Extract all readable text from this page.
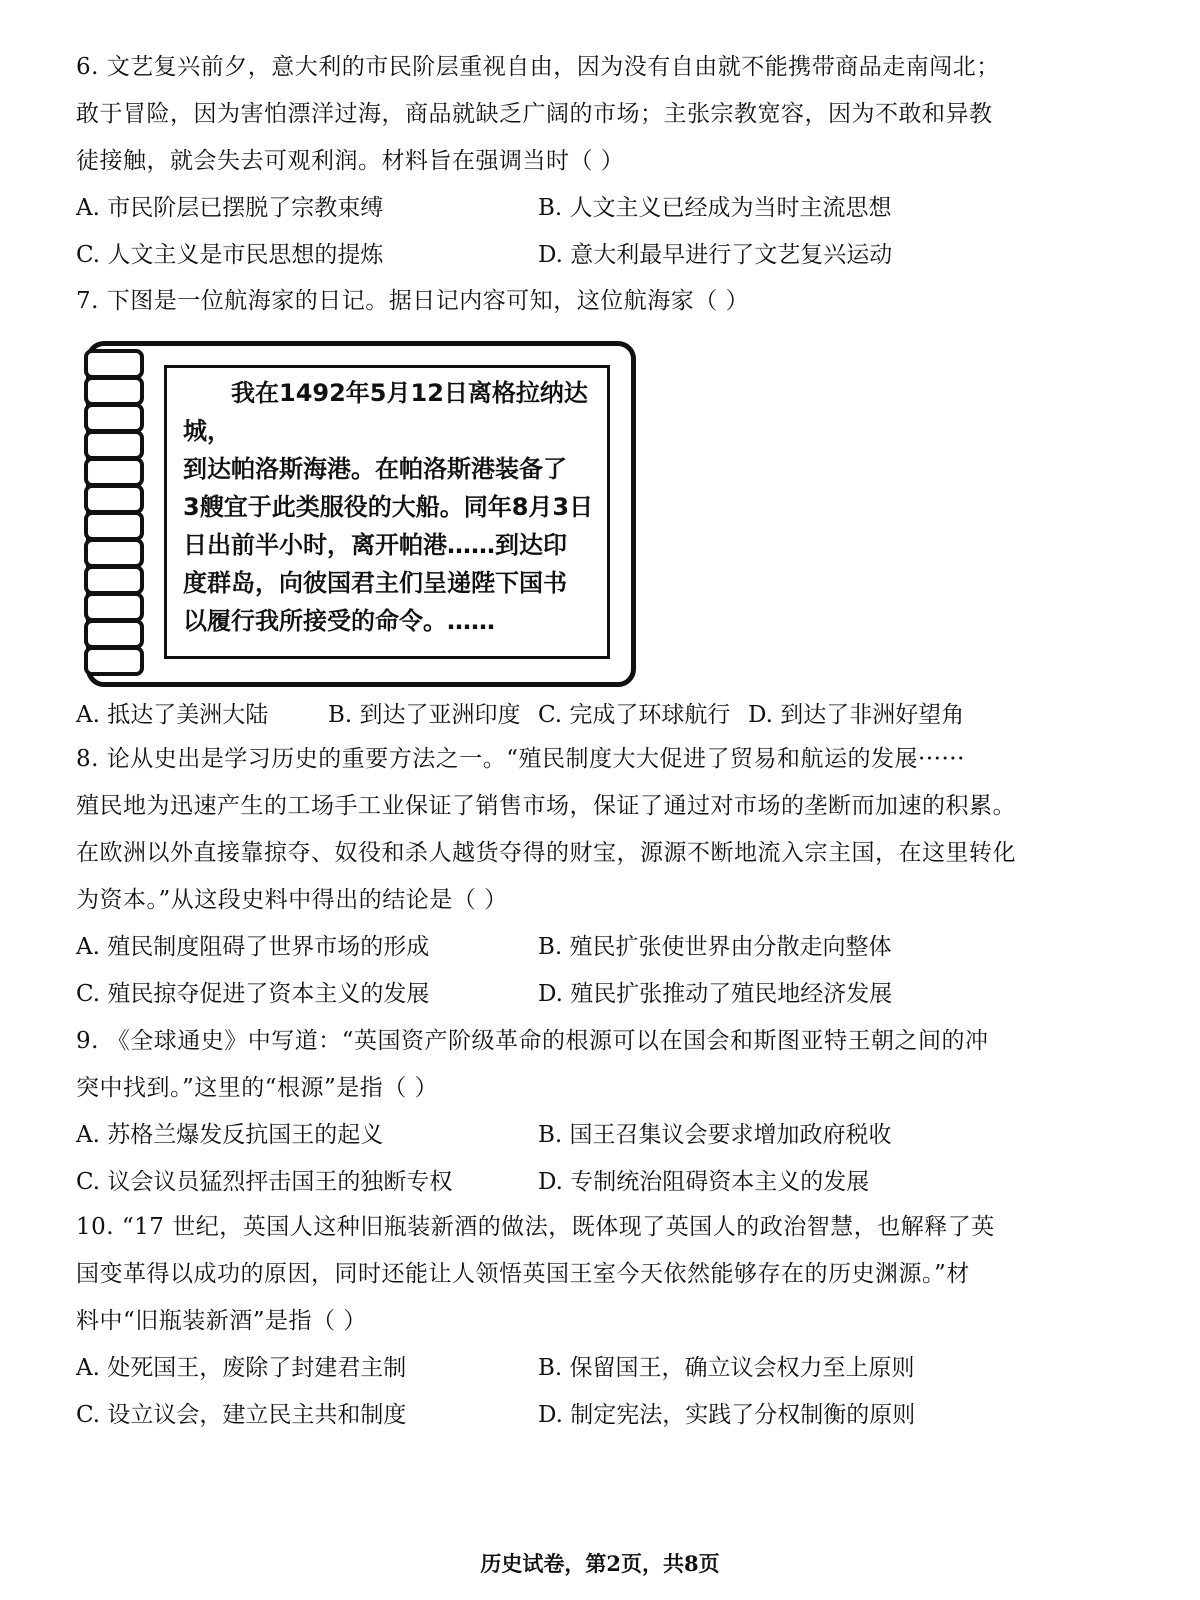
6. 文艺复兴前夕，意大利的市民阶层重视自由，因为没有自由就不能携带商品走南闯北；
敢于冒险，因为害怕漂洋过海，商品就缺乏广阔的市场；主张宗教宽容，因为不敢和异教
徒接触，就会失去可观利润。材料旨在强调当时（ ）
A. 市民阶层已摆脱了宗教束缚	B. 人文主义已经成为当时主流思想
C. 人文主义是市民思想的提炼	D. 意大利最早进行了文艺复兴运动
7. 下图是一位航海家的日记。据日记内容可知，这位航海家（ ）
我在1492年5月12日离格拉纳达城，
到达帕洛斯海港。在帕洛斯港装备了
3艘宜于此类服役的大船。同年8月3日
日出前半小时，离开帕港……到达印
度群岛，向彼国君主们呈递陛下国书
以履行我所接受的命令。……
A. 抵达了美洲大陆	B. 到达了亚洲印度 C. 完成了环球航行 D. 到达了非洲好望角
8. 论从史出是学习历史的重要方法之一。“殖民制度大大促进了贸易和航运的发展······
殖民地为迅速产生的工场手工业保证了销售市场，保证了通过对市场的垄断而加速的积累。
在欧洲以外直接靠掠夺、奴役和杀人越货夺得的财宝，源源不断地流入宗主国，在这里转化
为资本。”从这段史料中得出的结论是（ ）
A. 殖民制度阻碍了世界市场的形成	B. 殖民扩张使世界由分散走向整体
C. 殖民掠夺促进了资本主义的发展	D. 殖民扩张推动了殖民地经济发展
9. 《全球通史》中写道：“英国资产阶级革命的根源可以在国会和斯图亚特王朝之间的冲
突中找到。”这里的“根源”是指（ ）
A. 苏格兰爆发反抗国王的起义	B. 国王召集议会要求增加政府税收
C. 议会议员猛烈抨击国王的独断专权	D. 专制统治阻碍资本主义的发展
10. “17 世纪，英国人这种旧瓶装新酒的做法，既体现了英国人的政治智慧，也解释了英
国变革得以成功的原因，同时还能让人领悟英国王室今天依然能够存在的历史渊源。”材
料中“旧瓶装新酒”是指（ ）
A. 处死国王，废除了封建君主制	B. 保留国王，确立议会权力至上原则
C. 设立议会，建立民主共和制度	D. 制定宪法，实践了分权制衡的原则
历史试卷，第2页，共8页
